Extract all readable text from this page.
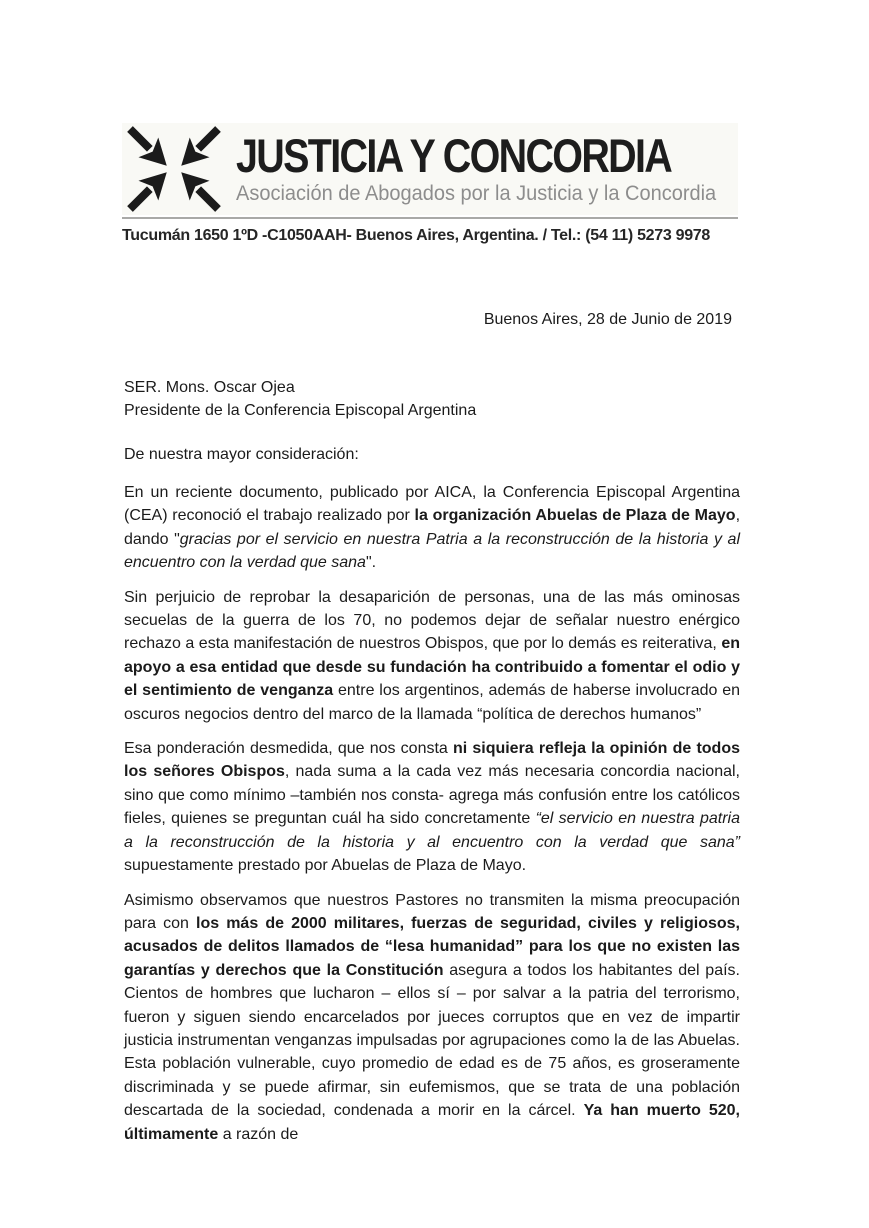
JUSTICIA Y CONCORDIA
Asociación de Abogados por la Justicia y la Concordia
Tucumán 1650 1ºD -C1050AAH- Buenos Aires, Argentina. / Tel.: (54 11) 5273 9978
Buenos Aires, 28 de Junio de 2019
SER. Mons. Oscar Ojea
Presidente de la Conferencia Episcopal Argentina
De nuestra mayor consideración:

En un reciente documento, publicado por AICA, la Conferencia Episcopal Argentina (CEA) reconoció el trabajo realizado por la organización Abuelas de Plaza de Mayo, dando "gracias por el servicio en nuestra Patria a la reconstrucción de la historia y al encuentro con la verdad que sana".

Sin perjuicio de reprobar la desaparición de personas, una de las más ominosas secuelas de la guerra de los 70, no podemos dejar de señalar nuestro enérgico rechazo a esta manifestación de nuestros Obispos, que por lo demás es reiterativa, en apoyo a esa entidad que desde su fundación ha contribuido a fomentar el odio y el sentimiento de venganza entre los argentinos, además de haberse involucrado en oscuros negocios dentro del marco de la llamada “política de derechos humanos”

Esa ponderación desmedida, que nos consta ni siquiera refleja la opinión de todos los señores Obispos, nada suma a la cada vez más necesaria concordia nacional, sino que como mínimo –también nos consta- agrega más confusión entre los católicos fieles, quienes se preguntan cuál ha sido concretamente “el servicio en nuestra patria a la reconstrucción de la historia y al encuentro con la verdad que sana” supuestamente prestado por Abuelas de Plaza de Mayo.

Asimismo observamos que nuestros Pastores no transmiten la misma preocupación para con los más de 2000 militares, fuerzas de seguridad, civiles y religiosos, acusados de delitos llamados de “lesa humanidad” para los que no existen las garantías y derechos que la Constitución asegura a todos los habitantes del país. Cientos de hombres que lucharon – ellos sí – por salvar a la patria del terrorismo, fueron y siguen siendo encarcelados por jueces corruptos que en vez de impartir justicia instrumentan venganzas impulsadas por agrupaciones como la de las Abuelas. Esta población vulnerable, cuyo promedio de edad es de 75 años, es groseramente discriminada y se puede afirmar, sin eufemismos, que se trata de una población descartada de la sociedad, condenada a morir en la cárcel. Ya han muerto 520, últimamente a razón de
